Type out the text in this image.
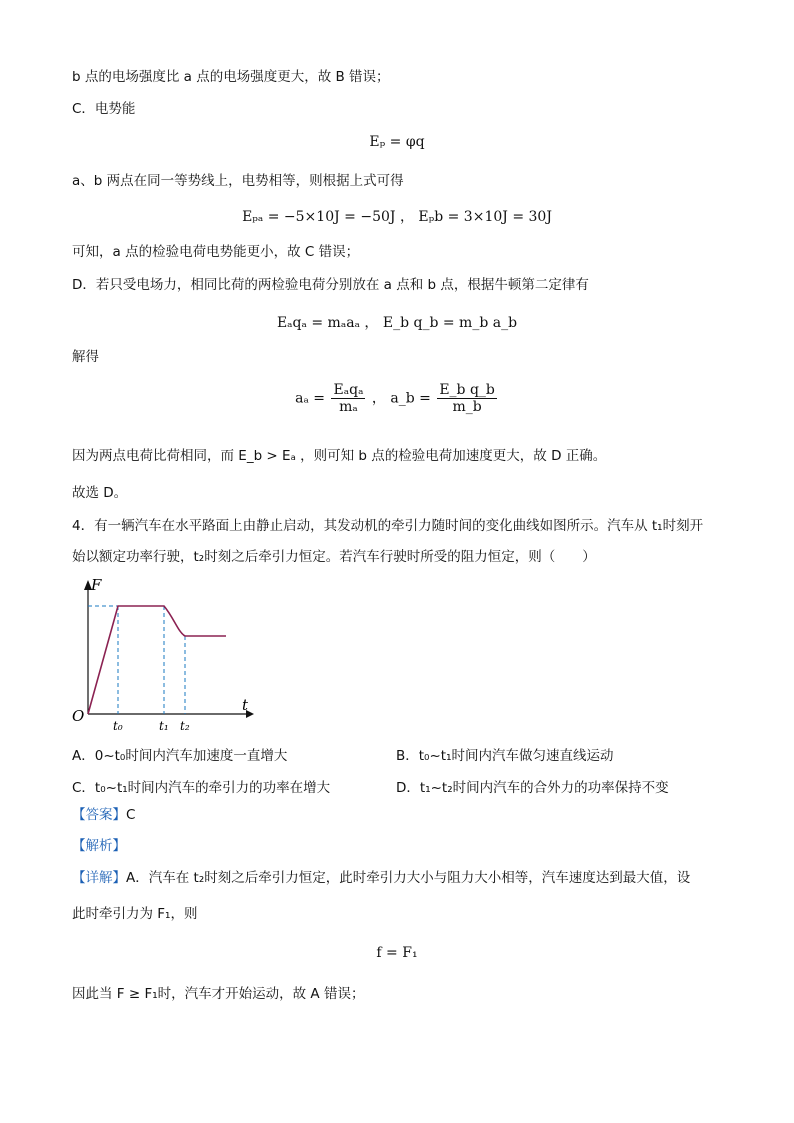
b 点的电场强度比 a 点的电场强度更大，故 B 错误；
C．电势能
Eₚ = φq
a、b 两点在同一等势线上，电势相等，则根据上式可得
Eₚₐ = −5×10J = −50J ， Eₚb = 3×10J = 30J
可知，a 点的检验电荷电势能更小，故 C 错误；
D．若只受电场力，相同比荷的两检验电荷分别放在 a 点和 b 点，根据牛顿第二定律有
Eₐqₐ = mₐaₐ ， E_b q_b = m_b a_b
解得
$a_a = \frac{\text{Eₐqₐ}}{\text{mₐ}}$ ， a_b = $\frac{\text{E\_b q\_b}}{m\_b}$
因为两点电荷比荷相同，而 E_b > Eₐ ，则可知 b 点的检验电荷加速度更大，故 D 正确。
故选 D。
4．有一辆汽车在水平路面上由静止启动，其发动机的牵引力随时间的变化曲线如图所示。汽车从 t₁时刻开
始以额定功率行驶，t₂时刻之后牵引力恒定。若汽车行驶时所受的阻力恒定，则（　　）
F
t
O
t₀	t₁ t₂
A．0~t₀时间内汽车加速度一直增大	B．t₀~t₁时间内汽车做匀速直线运动
C．t₀~t₁时间内汽车的牵引力的功率在增大	D．t₁~t₂时间内汽车的合外力的功率保持不变
【答案】C
【解析】
【详解】A．汽车在 t₂时刻之后牵引力恒定，此时牵引力大小与阻力大小相等，汽车速度达到最大值，设
此时牵引力为 F₁，则
f = F₁
因此当 F ≥ F₁时，汽车才开始运动，故 A 错误；
